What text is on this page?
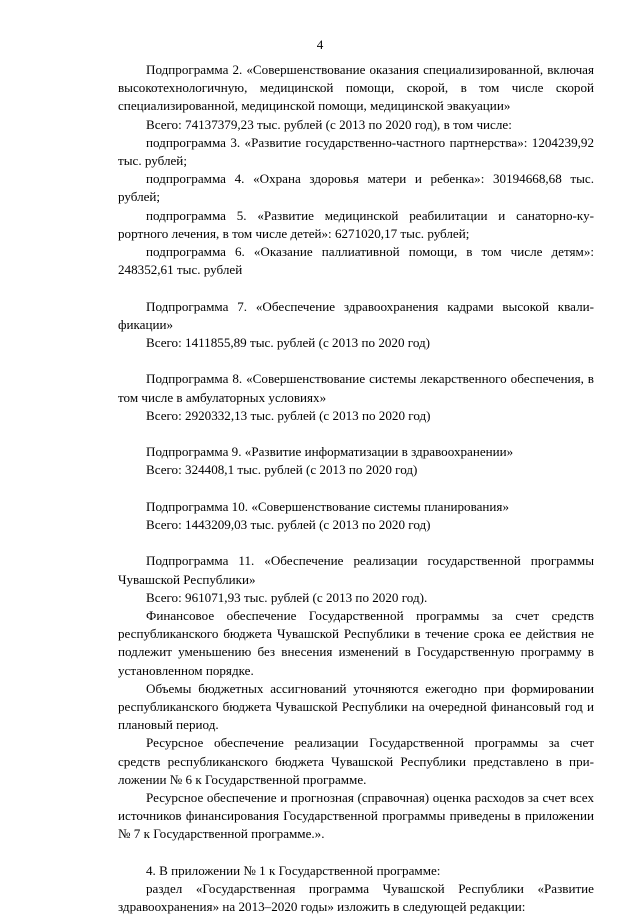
4

Подпрограмма 2. «Совершенствование оказания специализированной, включая высокотехнологичную, медицинской помощи, скорой, в том числе скорой специализированной, медицинской помощи, медицинской эвакуации»

Всего: 74137379,23 тыс. рублей (с 2013 по 2020 год), в том числе:

подпрограмма 3. «Развитие государственно-частного партнерства»: 1204239,92 тыс. рублей;

подпрограмма 4. «Охрана здоровья матери и ребенка»: 30194668,68 тыс. рублей;

подпрограмма 5. «Развитие медицинской реабилитации и санаторно-курортного лечения, в том числе детей»: 6271020,17 тыс. рублей;

подпрограмма 6. «Оказание паллиативной помощи, в том числе детям»: 248352,61 тыс. рублей

Подпрограмма 7. «Обеспечение здравоохранения кадрами высокой квалификации»

Всего: 1411855,89 тыс. рублей (с 2013 по 2020 год)

Подпрограмма 8. «Совершенствование системы лекарственного обеспечения, в том числе в амбулаторных условиях»

Всего: 2920332,13 тыс. рублей (с 2013 по 2020 год)

Подпрограмма 9. «Развитие информатизации в здравоохранении»

Всего: 324408,1 тыс. рублей (с 2013 по 2020 год)

Подпрограмма 10. «Совершенствование системы планирования»

Всего: 1443209,03 тыс. рублей (с 2013 по 2020 год)

Подпрограмма 11. «Обеспечение реализации государственной программы Чувашской Республики»

Всего: 961071,93 тыс. рублей (с 2013 по 2020 год).

Финансовое обеспечение Государственной программы за счет средств республиканского бюджета Чувашской Республики в течение срока ее действия не подлежит уменьшению без внесения изменений в Государственную программу в установленном порядке.

Объемы бюджетных ассигнований уточняются ежегодно при формировании республиканского бюджета Чувашской Республики на очередной финансовый год и плановый период.

Ресурсное обеспечение реализации Государственной программы за счет средств республиканского бюджета Чувашской Республики представлено в приложении № 6 к Государственной программе.

Ресурсное обеспечение и прогнозная (справочная) оценка расходов за счет всех источников финансирования Государственной программы приведены в приложении № 7 к Государственной программе.».

4. В приложении № 1 к Государственной программе:

раздел «Государственная программа Чувашской Республики «Развитие здравоохранения» на 2013–2020 годы» изложить в следующей редакции:
